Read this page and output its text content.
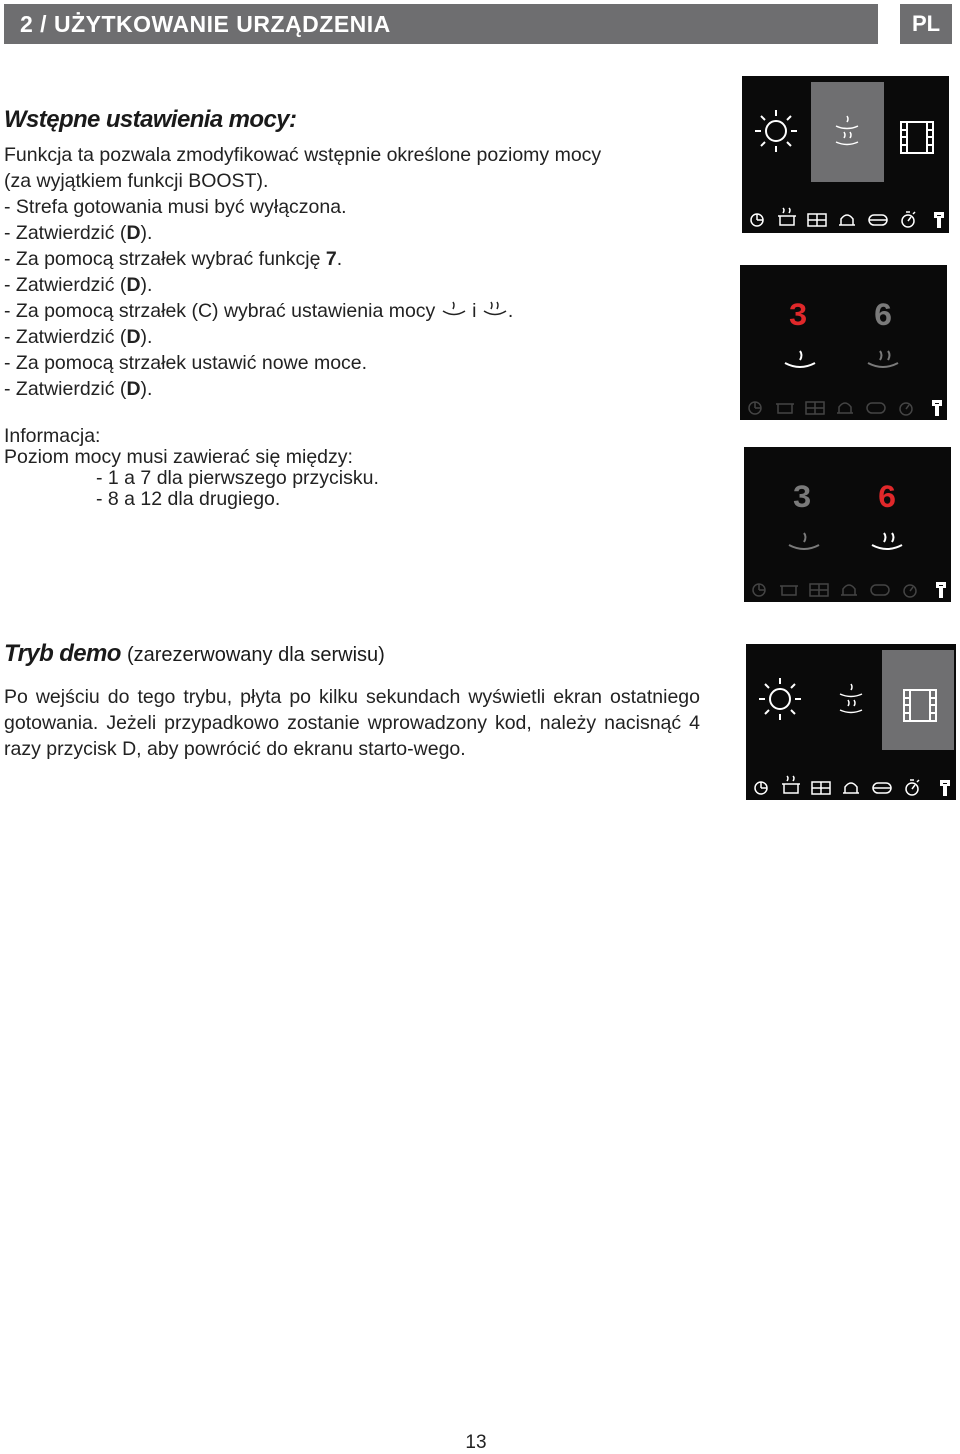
2 / UŻYTKOWANIE URZĄDZENIA	PL
Wstępne ustawienia mocy:
Funkcja ta pozwala zmodyfikować wstępnie określone poziomy mocy
(za wyjątkiem funkcji BOOST).
- Strefa gotowania musi być wyłączona.
- Zatwierdzić (D).
- Za pomocą strzałek wybrać funkcję 7.
- Zatwierdzić (D).
- Za pomocą strzałek (C) wybrać ustawienia mocy  i .
- Zatwierdzić (D).
- Za pomocą strzałek ustawić nowe moce.
- Zatwierdzić (D).
Informacja:
Poziom mocy musi zawierać się między:
- 1 a 7 dla pierwszego przycisku.
- 8 a 12 dla drugiego.
Tryb demo (zarezerwowany dla serwisu)
Po wejściu do tego trybu, płyta po kilku sekundach wyświetli ekran ostatniego gotowania. Jeżeli przypadkowo zostanie wprowadzony kod, należy nacisnąć 4 razy przycisk D, aby powrócić do ekranu starto-wego.
3 6
3 6
13
